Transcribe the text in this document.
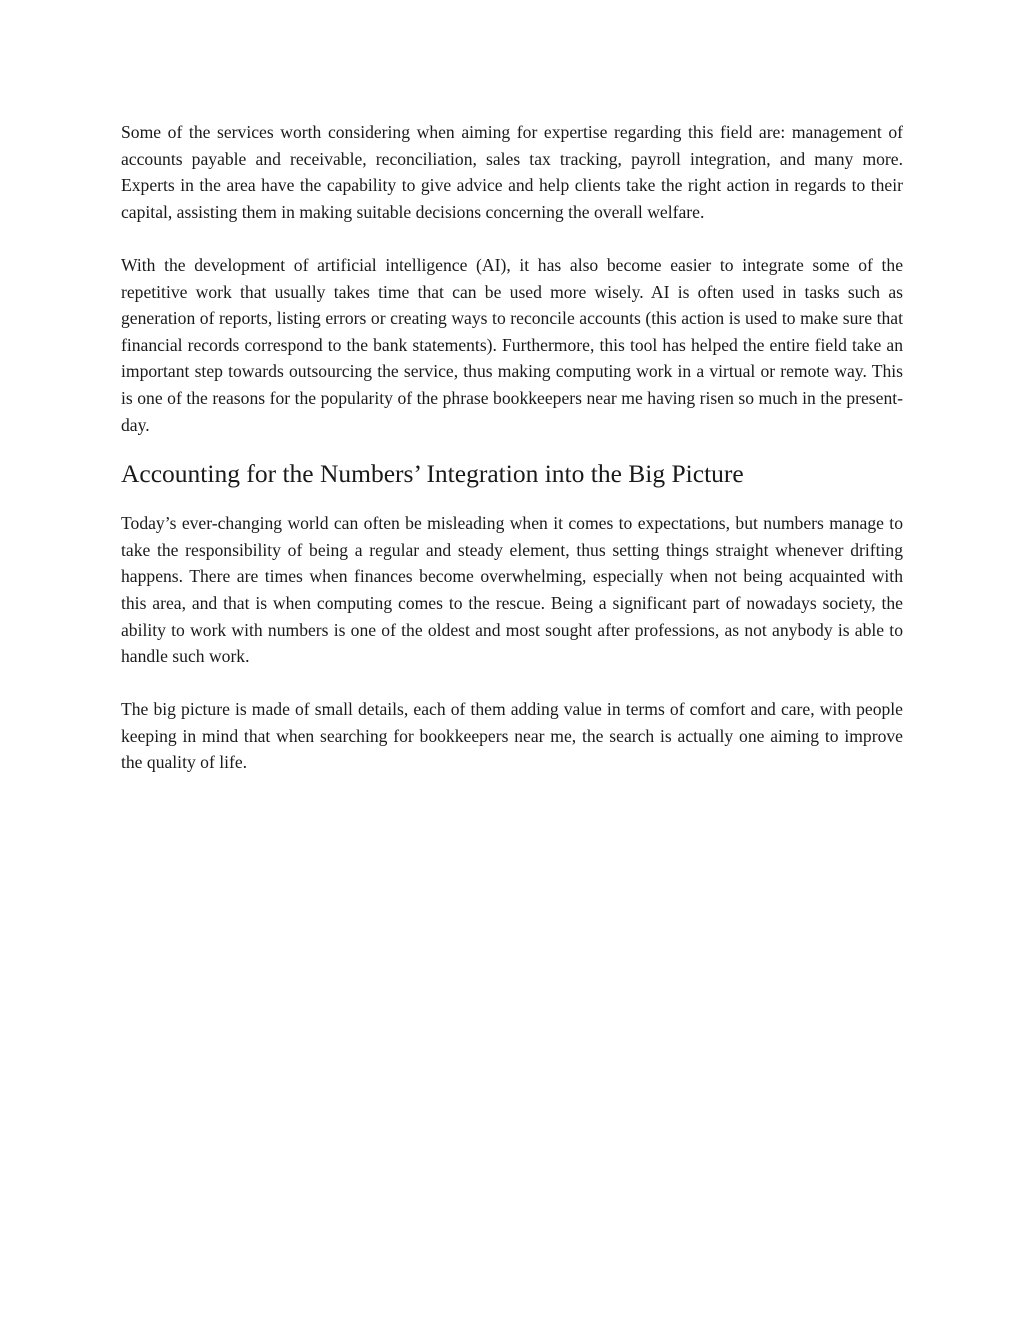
Some of the services worth considering when aiming for expertise regarding this field are: management of accounts payable and receivable, reconciliation, sales tax tracking, payroll integration, and many more. Experts in the area have the capability to give advice and help clients take the right action in regards to their capital, assisting them in making suitable decisions concerning the overall welfare.

With the development of artificial intelligence (AI), it has also become easier to integrate some of the repetitive work that usually takes time that can be used more wisely. AI is often used in tasks such as generation of reports, listing errors or creating ways to reconcile accounts (this action is used to make sure that financial records correspond to the bank statements). Furthermore, this tool has helped the entire field take an important step towards outsourcing the service, thus making computing work in a virtual or remote way. This is one of the reasons for the popularity of the phrase bookkeepers near me having risen so much in the present-day.

Accounting for the Numbers’ Integration into the Big Picture

Today’s ever-changing world can often be misleading when it comes to expectations, but numbers manage to take the responsibility of being a regular and steady element, thus setting things straight whenever drifting happens. There are times when finances become overwhelming, especially when not being acquainted with this area, and that is when computing comes to the rescue. Being a significant part of nowadays society, the ability to work with numbers is one of the oldest and most sought after professions, as not anybody is able to handle such work.

The big picture is made of small details, each of them adding value in terms of comfort and care, with people keeping in mind that when searching for bookkeepers near me, the search is actually one aiming to improve the quality of life.
